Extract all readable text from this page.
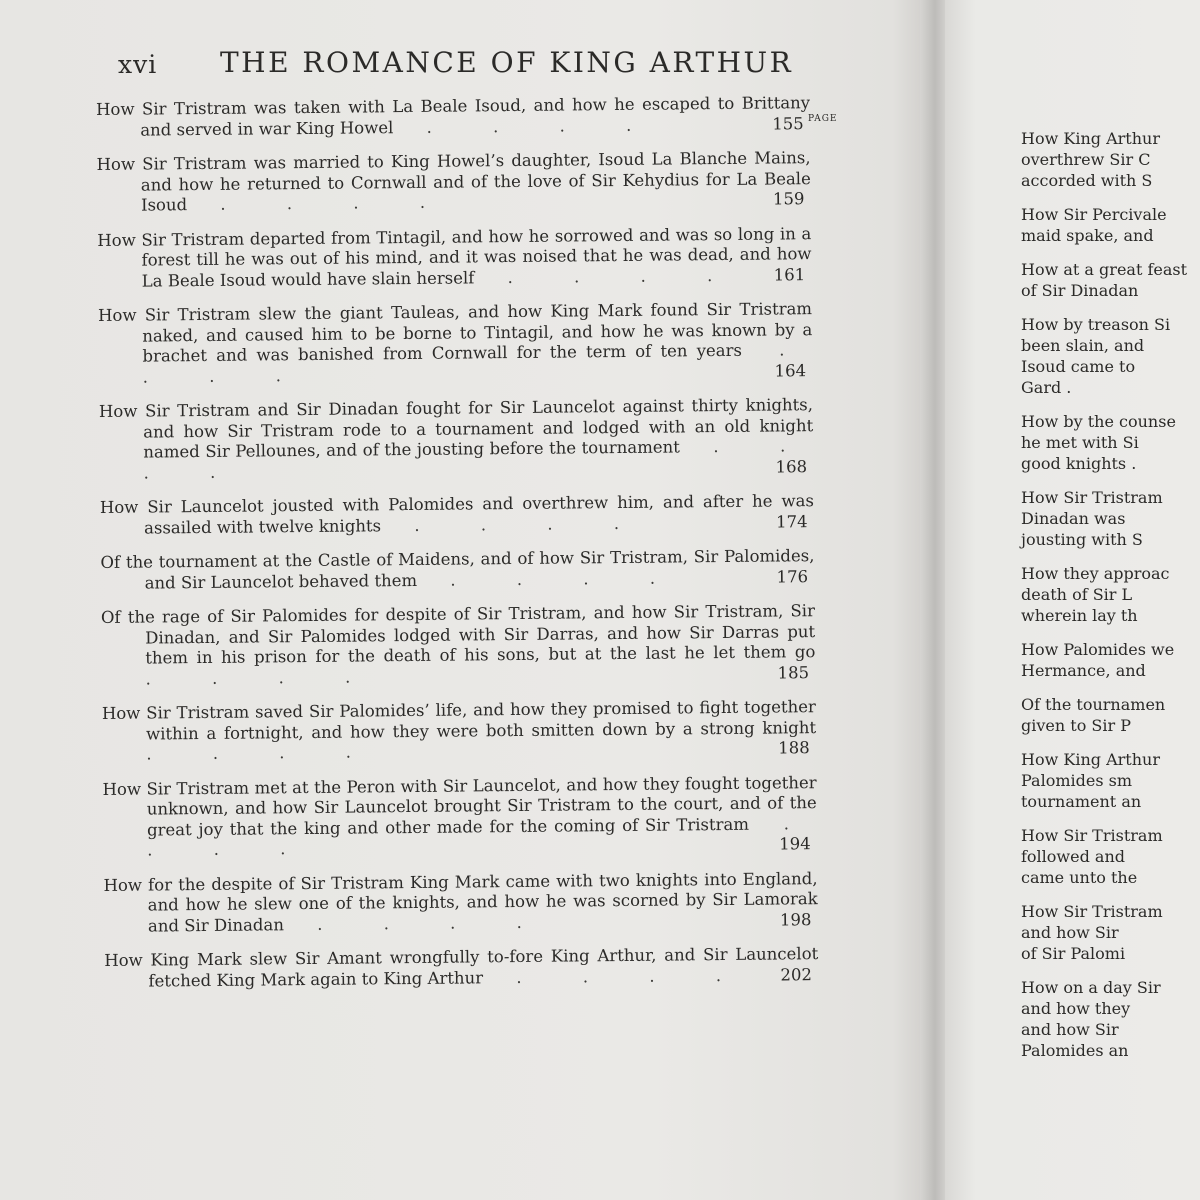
xvi THE ROMANCE OF KING ARTHUR
PAGE
How Sir Tristram was taken with La Beale Isoud, and how he escaped to Brittany and served in war King Howel . . . .	155
How Sir Tristram was married to King Howel’s daughter, Isoud La Blanche Mains, and how he returned to Cornwall and of the love of Sir Kehydius for La Beale Isoud . . . .	159
How Sir Tristram departed from Tintagil, and how he sorrowed and was so long in a forest till he was out of his mind, and it was noised that he was dead, and how La Beale Isoud would have slain herself . . . .	161
How Sir Tristram slew the giant Tauleas, and how King Mark found Sir Tristram naked, and caused him to be borne to Tintagil, and how he was known by a brachet and was banished from Cornwall for the term of ten years . . . .	164
How Sir Tristram and Sir Dinadan fought for Sir Launcelot against thirty knights, and how Sir Tristram rode to a tournament and lodged with an old knight named Sir Pellounes, and of the jousting before the tournament . . . .	168
How Sir Launcelot jousted with Palomides and overthrew him, and after he was assailed with twelve knights . . . .	174
Of the tournament at the Castle of Maidens, and of how Sir Tristram, Sir Palomides, and Sir Launcelot behaved them . . . .	176
Of the rage of Sir Palomides for despite of Sir Tristram, and how Sir Tristram, Sir Dinadan, and Sir Palomides lodged with Sir Darras, and how Sir Darras put them in his prison for the death of his sons, but at the last he let them go . . . .	185
How Sir Tristram saved Sir Palomides’ life, and how they promised to fight together within a fortnight, and how they were both smitten down by a strong knight . . . .	188
How Sir Tristram met at the Peron with Sir Launcelot, and how they fought together unknown, and how Sir Launcelot brought Sir Tristram to the court, and of the great joy that the king and other made for the coming of Sir Tristram . . . .	194
How for the despite of Sir Tristram King Mark came with two knights into England, and how he slew one of the knights, and how he was scorned by Sir Lamorak and Sir Dinadan . . . .	198
How King Mark slew Sir Amant wrongfully to-fore King Arthur, and Sir Launcelot fetched King Mark again to King Arthur . . . .	202
How King Arthur
overthrew Sir C
accorded with S
How Sir Percivale
maid spake, and
How at a great feast
of Sir Dinadan
How by treason Si
been slain, and
Isoud came to
Gard .
How by the counse
he met with Si
good knights .
How Sir Tristram
Dinadan was
jousting with S
How they approac
death of Sir L
wherein lay th
How Palomides we
Hermance, and
Of the tournamen
given to Sir P
How King Arthur
Palomides sm
tournament an
How Sir Tristram
followed and
came unto the
How Sir Tristram
and how Sir
of Sir Palomi
How on a day Sir
and how they
and how Sir
Palomides an
